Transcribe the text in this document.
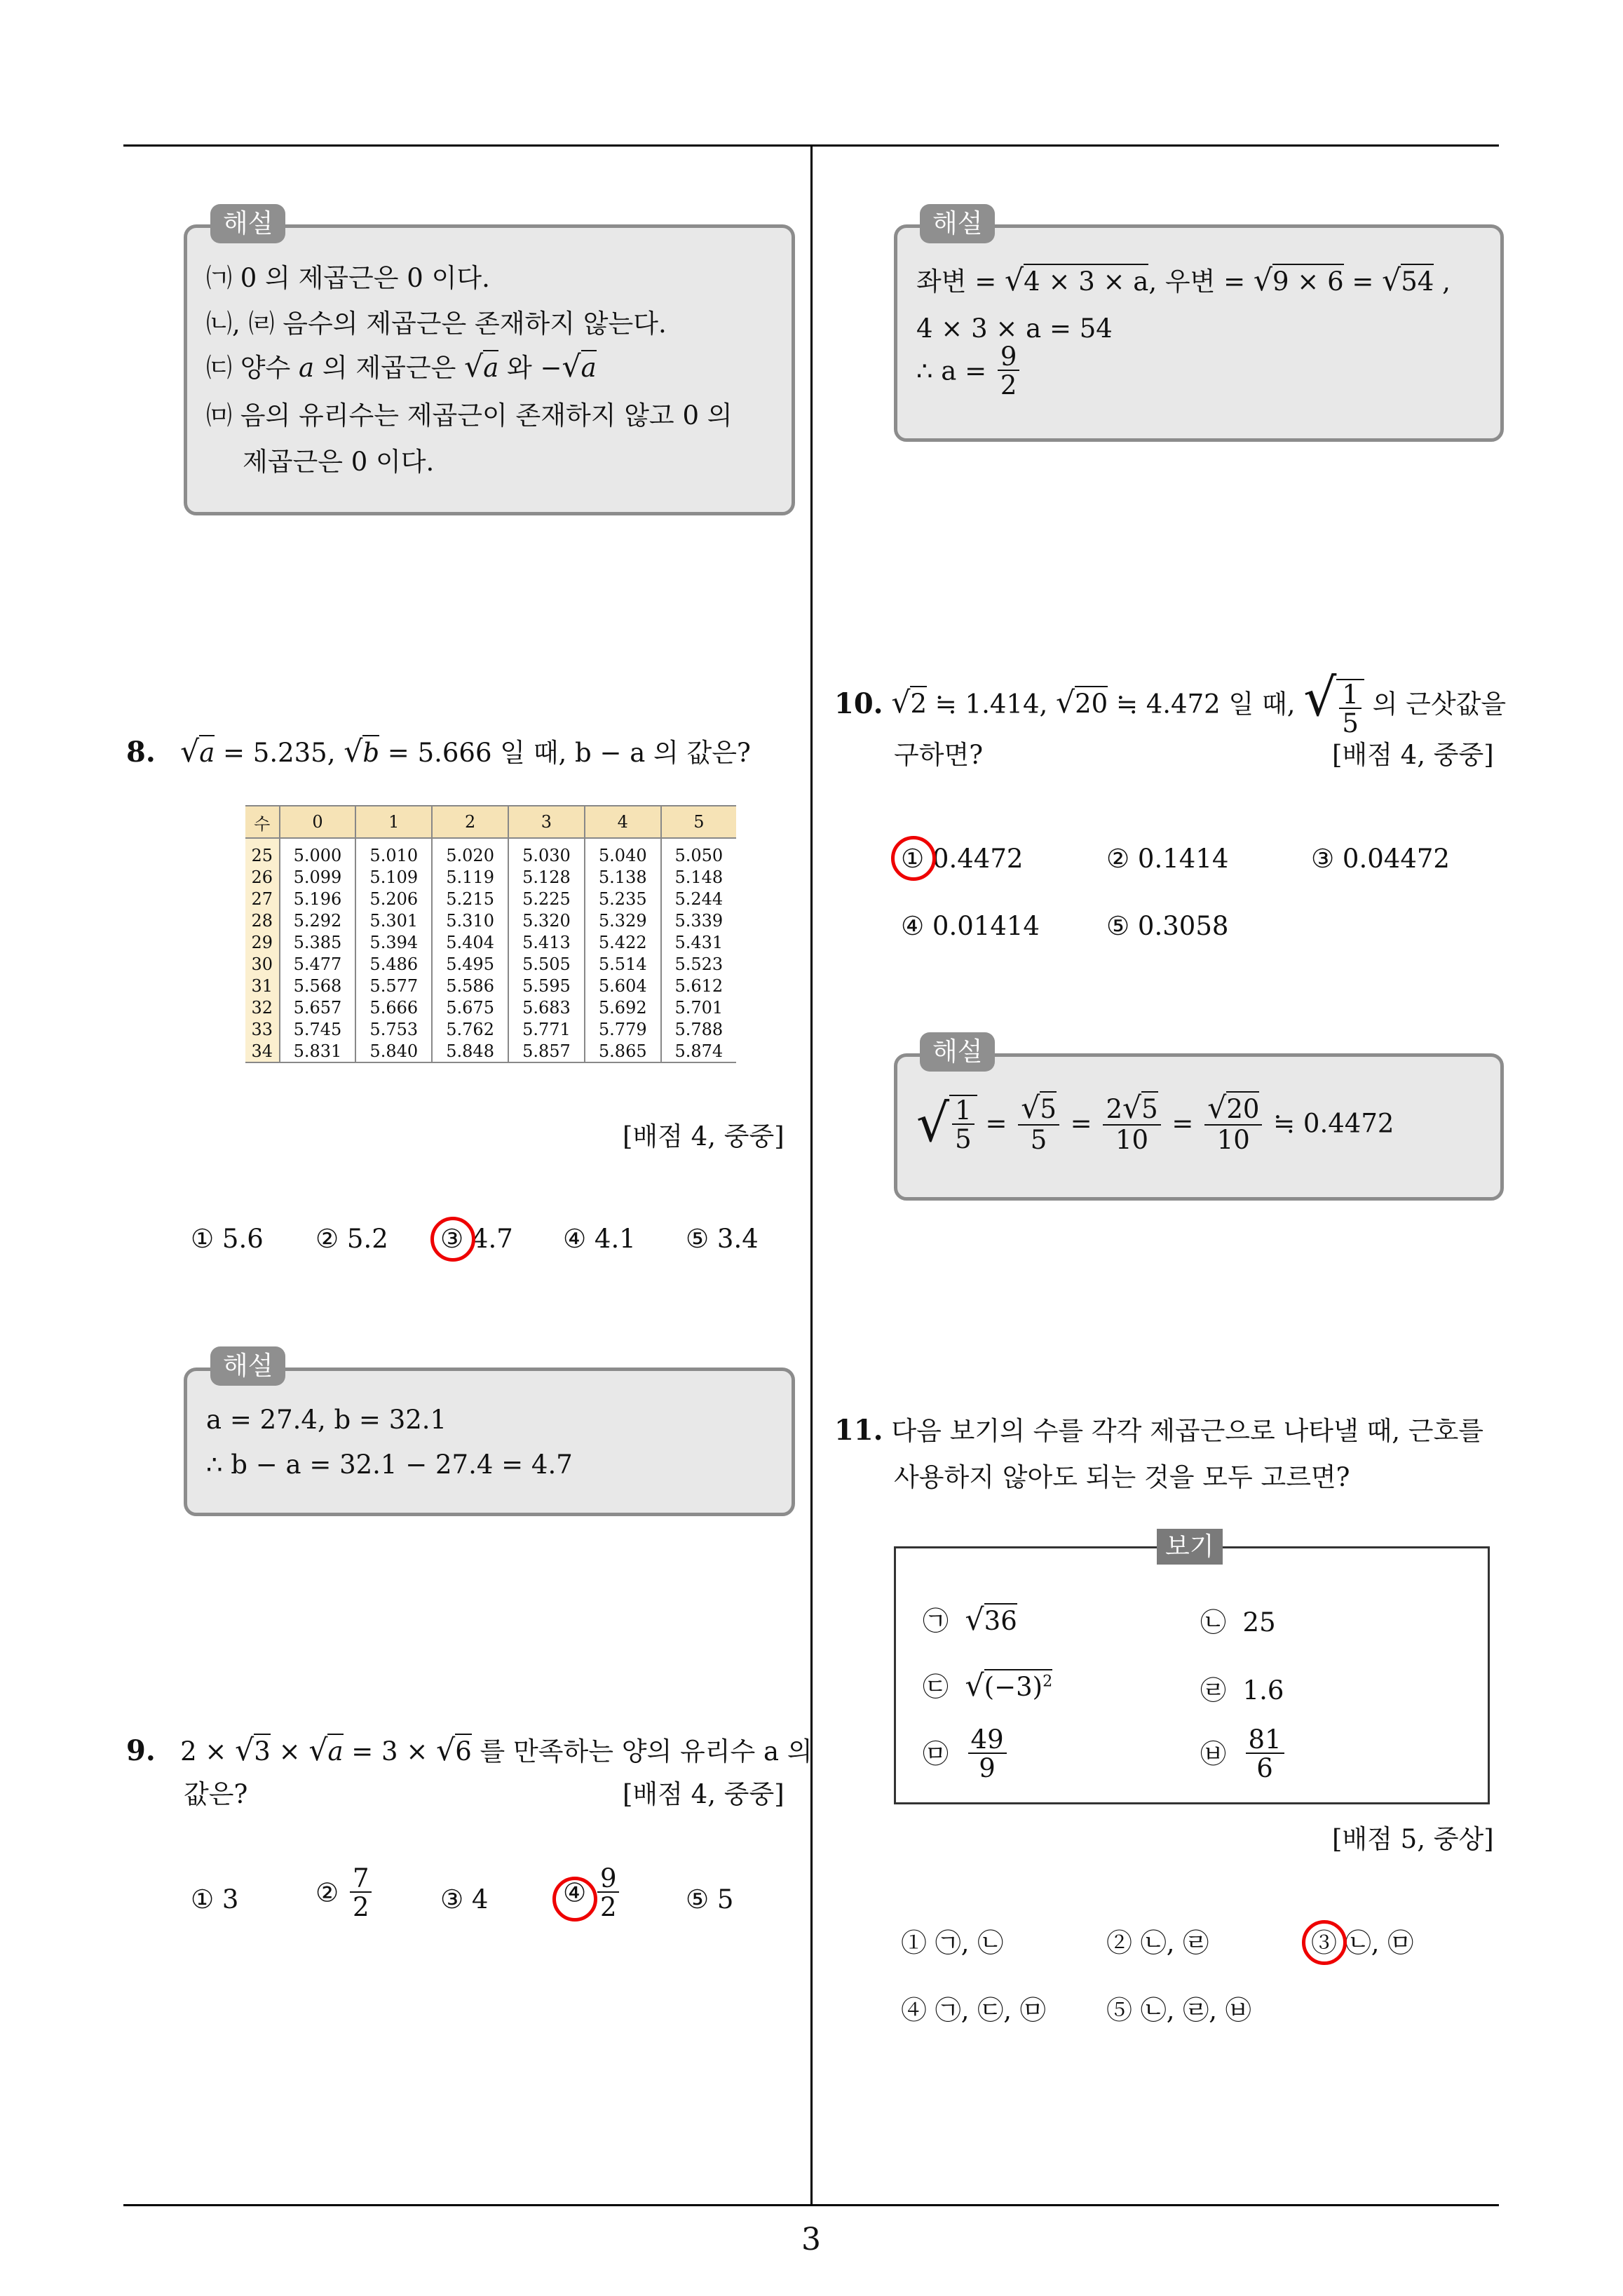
3
해설
㈀ 0 의 제곱근은 0 이다.
㈁, ㈃ 음수의 제곱근은 존재하지 않는다.
㈂ 양수 a 의 제곱근은 √a 와 −√a
㈄ 음의 유리수는 제곱근이 존재하지 않고 0 의
제곱근은 0 이다.
해설
좌변 = √4 × 3 × a, 우변 = √9 × 6 = √54 ,
4 × 3 × a = 54
∴ $a = \frac{9}{2}$
8. √a = 5.235, √b = 5.666 일 때, b − a 의 값은?
수	0	1	2	3	4	5
25	5.000	5.010	5.020	5.030	5.040	5.050
26	5.099	5.109	5.119	5.128	5.138	5.148
27	5.196	5.206	5.215	5.225	5.235	5.244
28	5.292	5.301	5.310	5.320	5.329	5.339
29	5.385	5.394	5.404	5.413	5.422	5.431
30	5.477	5.486	5.495	5.505	5.514	5.523
31	5.568	5.577	5.586	5.595	5.604	5.612
32	5.657	5.666	5.675	5.683	5.692	5.701
33	5.745	5.753	5.762	5.771	5.779	5.788
34	5.831	5.840	5.848	5.857	5.865	5.874
[배점 4, 중중]
① 5.6 ② 5.2 ③ 4.7 ④ 4.1 ⑤ 3.4
해설
a = 27.4, b = 32.1
∴ b − a = 32.1 − 27.4 = 4.7
9. 2 × √3 × √a = 3 × √6 를 만족하는 양의 유리수 a 의
값은?	[배점 4, 중중]
① 3	② $\frac{7}{2}$	③ 4	④ $\frac{9}{2}$	⑤ 5
10. √2 ≒ 1.414, √20 ≒ 4.472 일 때, √ $\frac{1}{5}$ 의 근삿값을
구하면?	[배점 4, 중중]
① 0.4472	② 0.1414	③ 0.04472
④ 0.01414	⑤ 0.3058
해설
√ $\frac{1}{5} = \frac{√5}{5} = \frac{2√5}{10} = \frac{√20}{10}$ ≒ 0.4472
11. 다음 보기의 수를 각각 제곱근으로 나타낼 때, 근호를
사용하지 않아도 되는 것을 모두 고르면?
보기
㉠ √36	㉡ 25
㉢ $√(-3)^2$	㉣ 1.6
㉤ $\frac{49}{9}$	㉥ $\frac{81}{6}$
[배점 5, 중상]
① ㉠, ㉡	② ㉡, ㉣	③ ㉡, ㉤
④ ㉠, ㉢, ㉤ ⑤ ㉡, ㉣, ㉥
